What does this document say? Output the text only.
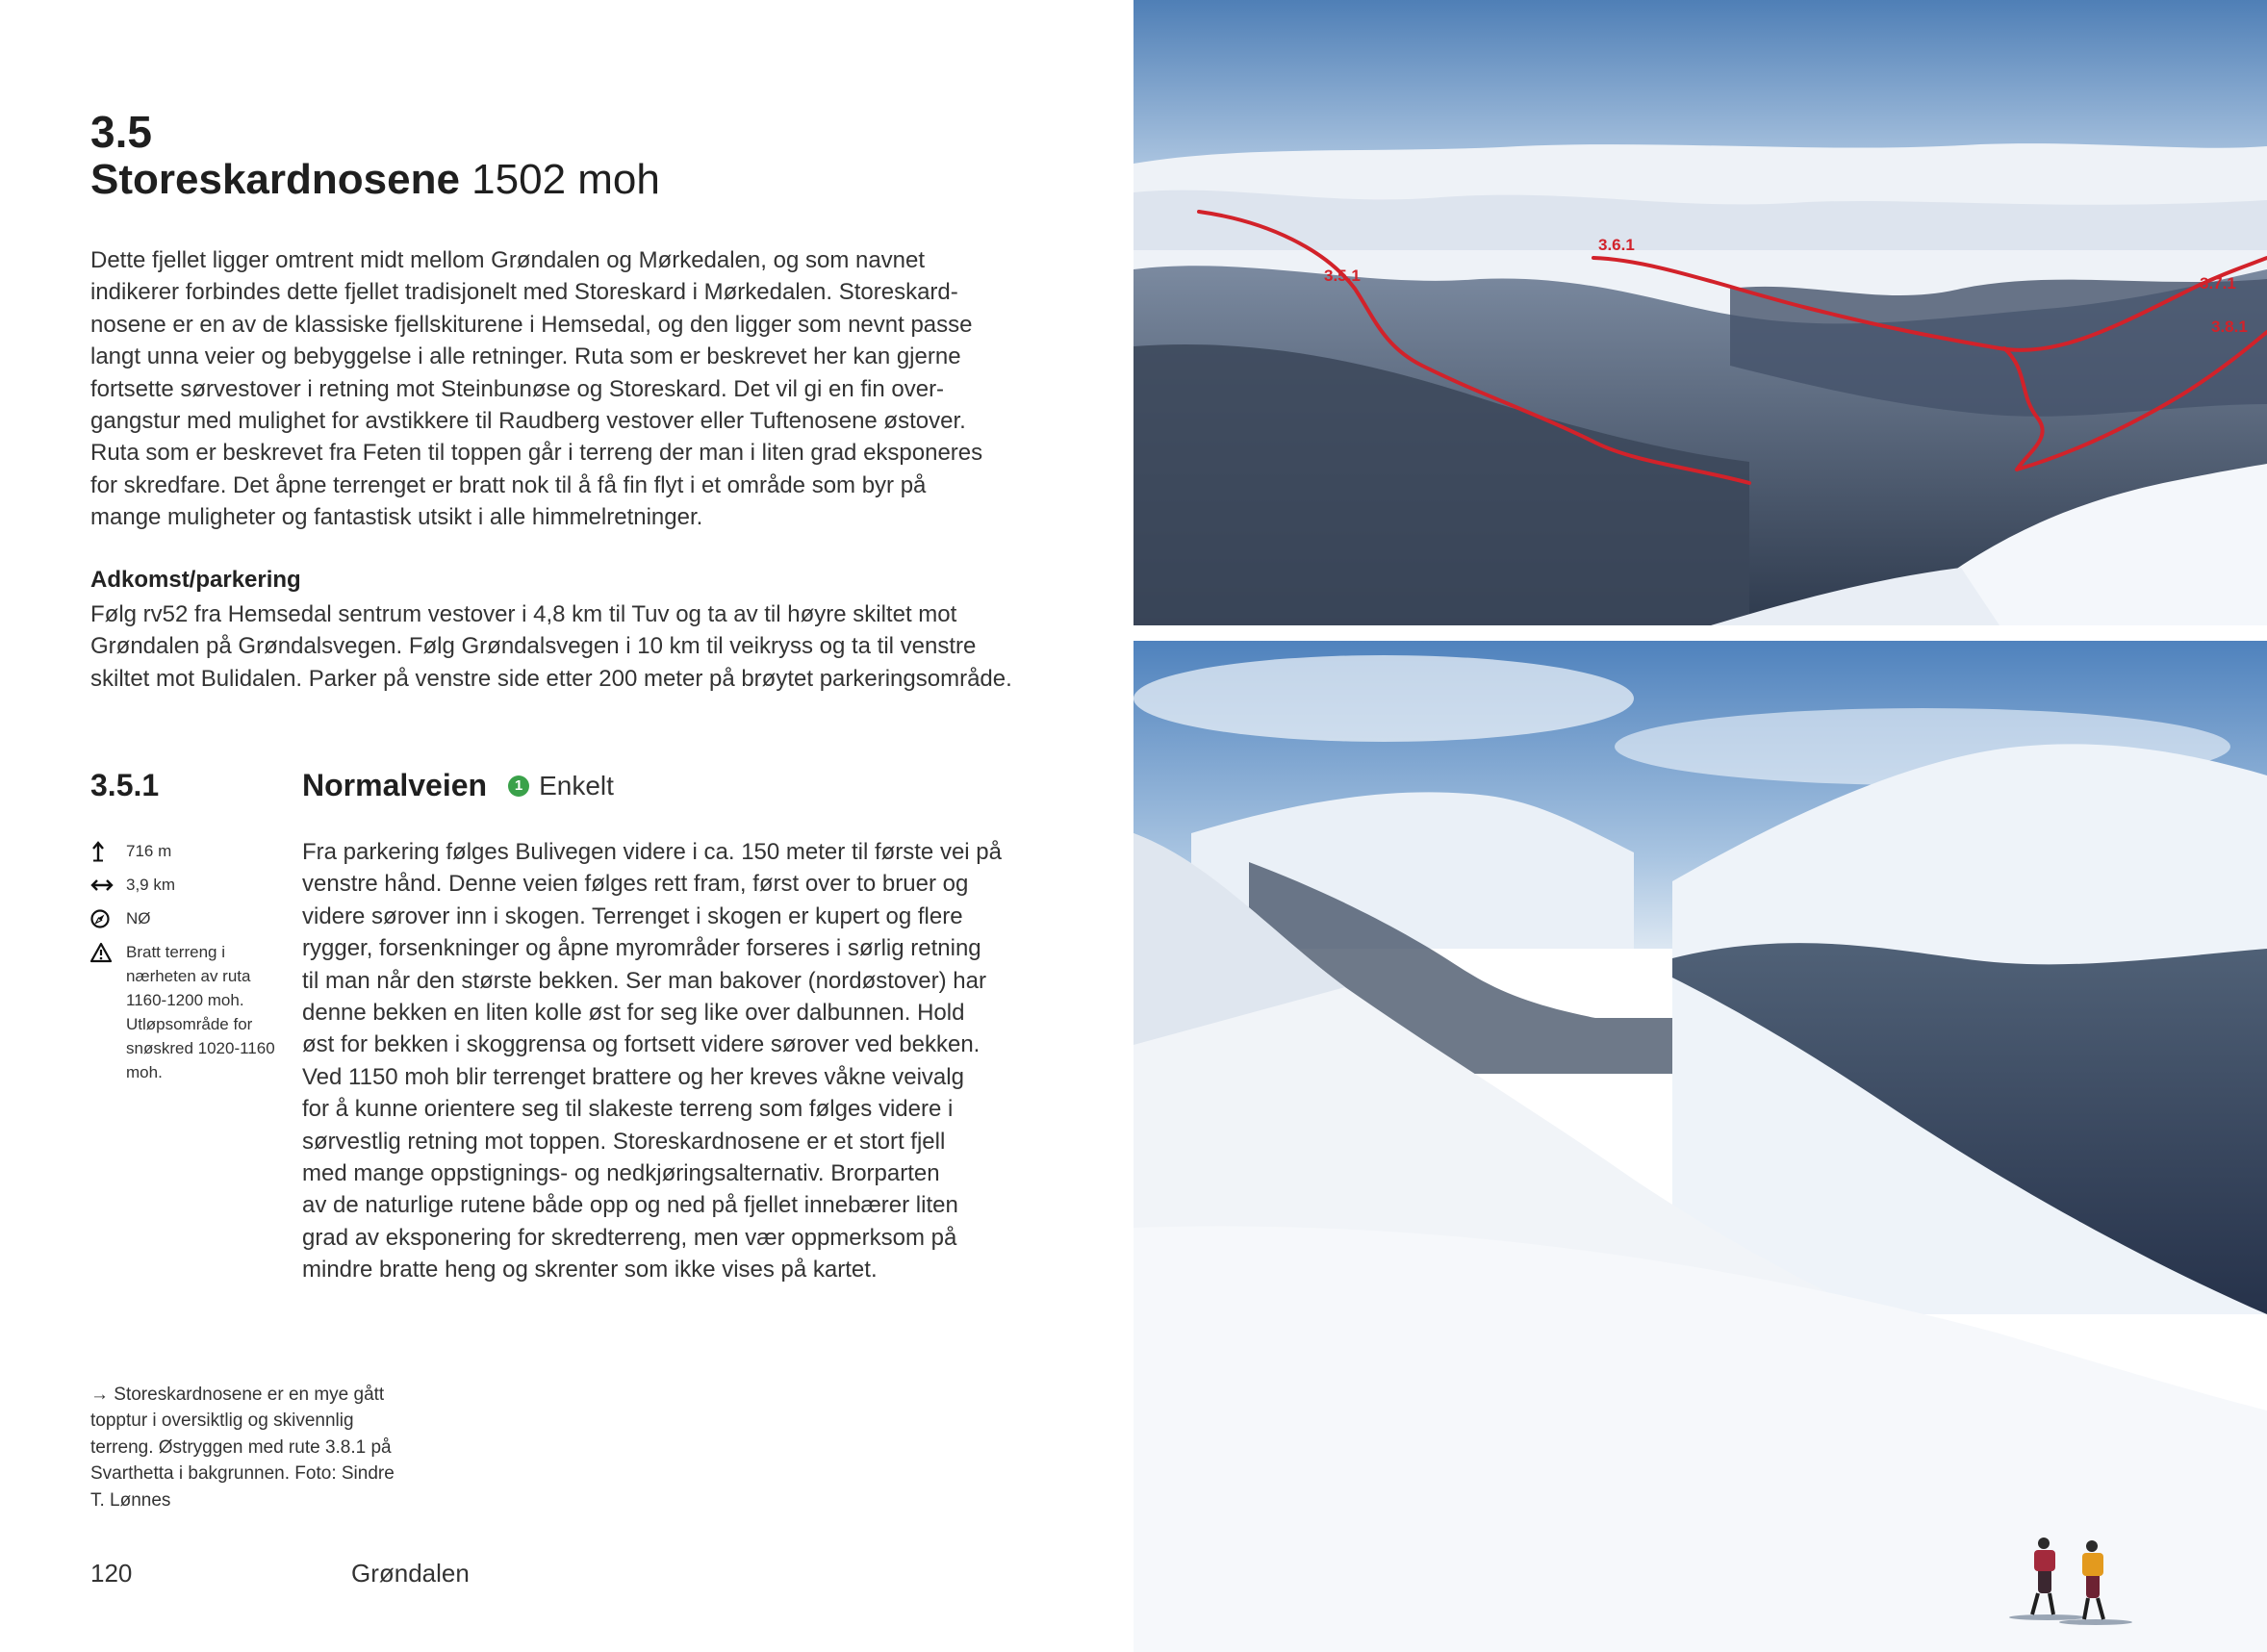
3.5
Storeskardnosene 1502 moh

Dette fjellet ligger omtrent midt mellom Grøndalen og Mørkedalen, og som navnet

indikerer forbindes dette fjellet tradisjonelt med Storeskard i Mørkedalen. Storeskard-

nosene er en av de klassiske fjellskiturene i Hemsedal, og den ligger som nevnt passe

langt unna veier og bebyggelse i alle retninger. Ruta som er beskrevet her kan gjerne

fortsette sørvestover i retning mot Steinbunøse og Storeskard. Det vil gi en fin over-

gangstur med mulighet for avstikkere til Raudberg vestover eller Tuftenosene østover.

Ruta som er beskrevet fra Feten til toppen går i terreng der man i liten grad eksponeres

for skredfare. Det åpne terrenget er bratt nok til å få fin flyt i et område som byr på

mange muligheter og fantastisk utsikt i alle himmelretninger.

Adkomst/parkering

Følg rv52 fra Hemsedal sentrum vestover i 4,8 km til Tuv og ta av til høyre skiltet mot

Grøndalen på Grøndalsvegen. Følg Grøndalsvegen i 10 km til veikryss og ta til venstre

skiltet mot Bulidalen. Parker på venstre side etter 200 meter på brøytet parkeringsområde.

3.5.1	Normalveien	1 Enkelt
716 m
3,9 km
NØ
Bratt terreng i
nærheten av ruta
1160-1200 moh.
Utløpsområde for
snøskred 1020-1160
moh.

Fra parkering følges Bulivegen videre i ca. 150 meter til første vei på

venstre hånd. Denne veien følges rett fram, først over to bruer og

videre sørover inn i skogen. Terrenget i skogen er kupert og flere

rygger, forsenkninger og åpne myrområder forseres i sørlig retning

til man når den største bekken. Ser man bakover (nordøstover) har

denne bekken en liten kolle øst for seg like over dalbunnen. Hold

øst for bekken i skoggrensa og fortsett videre sørover ved bekken.

Ved 1150 moh blir terrenget brattere og her kreves våkne veivalg

for å kunne orientere seg til slakeste terreng som følges videre i

sørvestlig retning mot toppen. Storeskardnosene er et stort fjell

med mange oppstignings- og nedkjøringsalternativ. Brorparten

av de naturlige rutene både opp og ned på fjellet innebærer liten

grad av eksponering for skredterreng, men vær oppmerksom på

mindre bratte heng og skrenter som ikke vises på kartet.

→ Storeskardnosene er en mye gått

topptur i oversiktlig og skivennlig

terreng. Østryggen med rute 3.8.1 på

Svarthetta i bakgrunnen. Foto: Sindre

T. Lønnes

120	Grøndalen
3.5.1
3.6.1
3.7.1
3.8.1
